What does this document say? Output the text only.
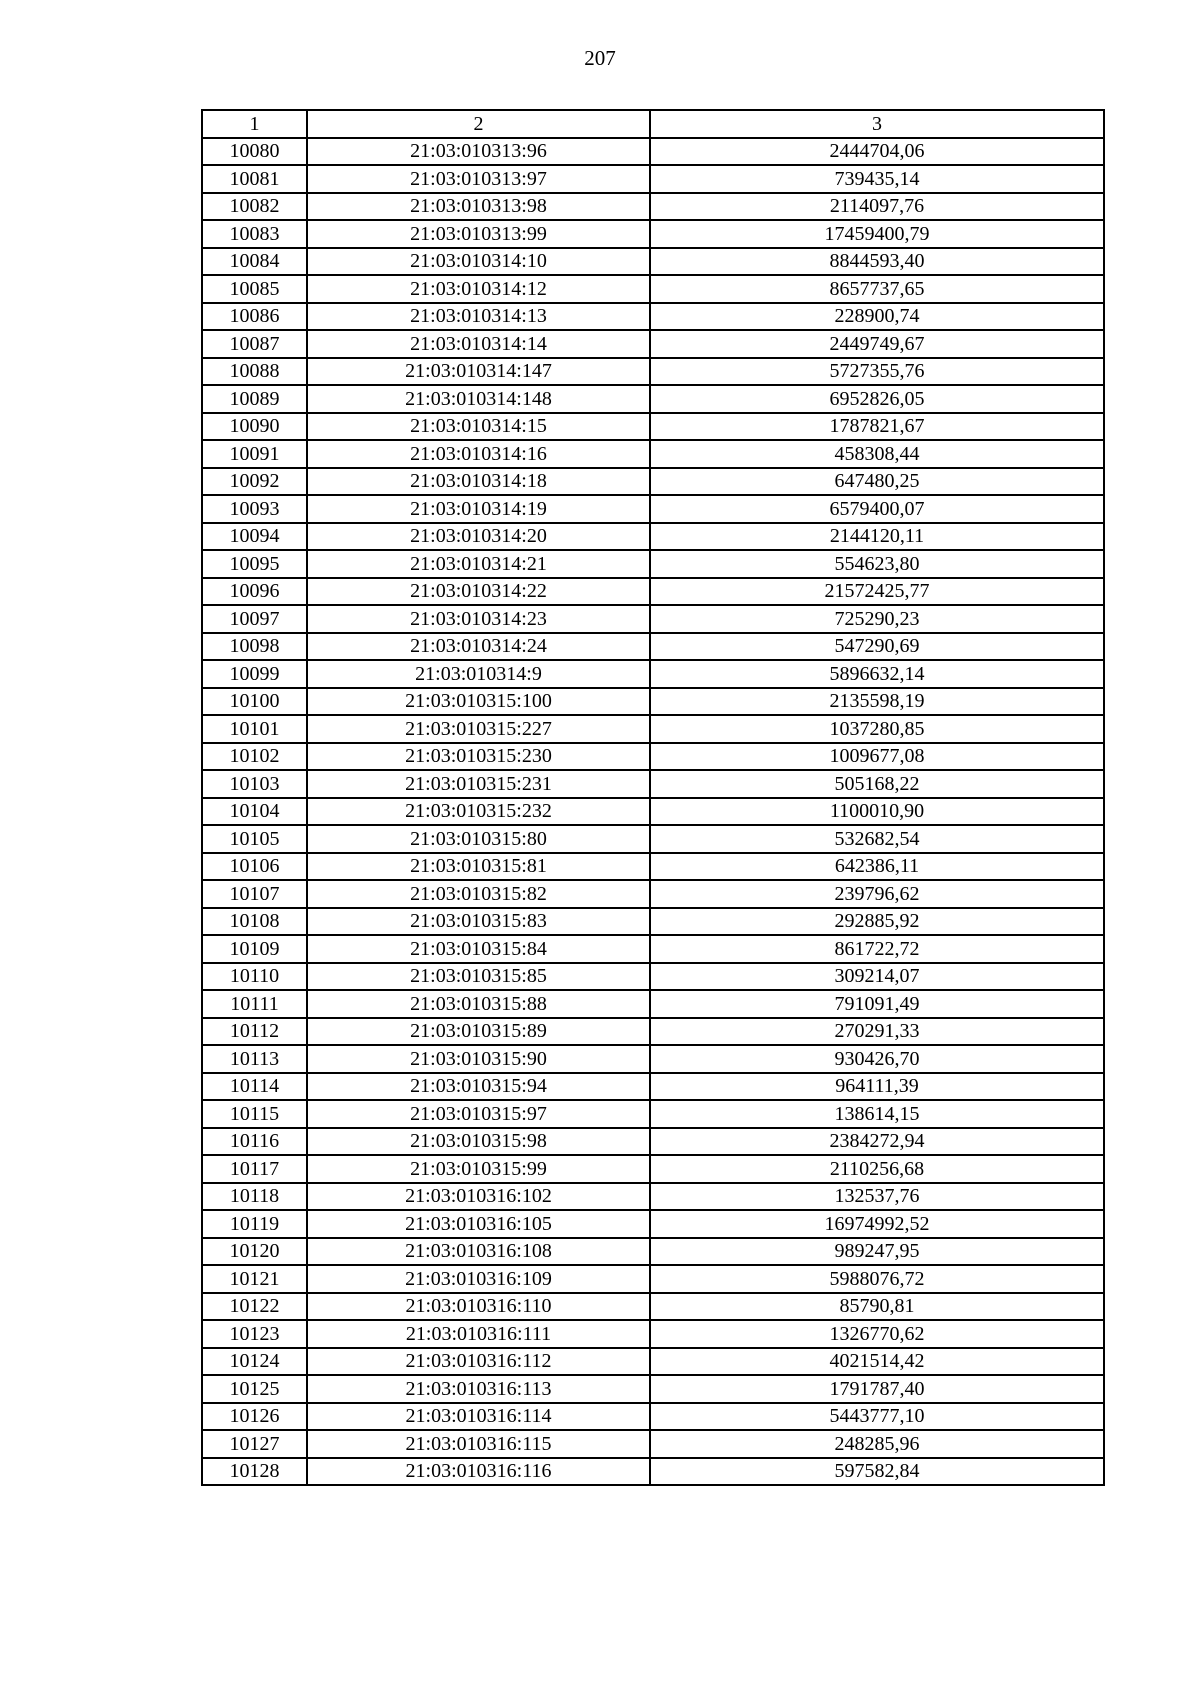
207
1	2	3
10080	21:03:010313:96	2444704,06
10081	21:03:010313:97	739435,14
10082	21:03:010313:98	2114097,76
10083	21:03:010313:99	17459400,79
10084	21:03:010314:10	8844593,40
10085	21:03:010314:12	8657737,65
10086	21:03:010314:13	228900,74
10087	21:03:010314:14	2449749,67
10088	21:03:010314:147	5727355,76
10089	21:03:010314:148	6952826,05
10090	21:03:010314:15	1787821,67
10091	21:03:010314:16	458308,44
10092	21:03:010314:18	647480,25
10093	21:03:010314:19	6579400,07
10094	21:03:010314:20	2144120,11
10095	21:03:010314:21	554623,80
10096	21:03:010314:22	21572425,77
10097	21:03:010314:23	725290,23
10098	21:03:010314:24	547290,69
10099	21:03:010314:9	5896632,14
10100	21:03:010315:100	2135598,19
10101	21:03:010315:227	1037280,85
10102	21:03:010315:230	1009677,08
10103	21:03:010315:231	505168,22
10104	21:03:010315:232	1100010,90
10105	21:03:010315:80	532682,54
10106	21:03:010315:81	642386,11
10107	21:03:010315:82	239796,62
10108	21:03:010315:83	292885,92
10109	21:03:010315:84	861722,72
10110	21:03:010315:85	309214,07
10111	21:03:010315:88	791091,49
10112	21:03:010315:89	270291,33
10113	21:03:010315:90	930426,70
10114	21:03:010315:94	964111,39
10115	21:03:010315:97	138614,15
10116	21:03:010315:98	2384272,94
10117	21:03:010315:99	2110256,68
10118	21:03:010316:102	132537,76
10119	21:03:010316:105	16974992,52
10120	21:03:010316:108	989247,95
10121	21:03:010316:109	5988076,72
10122	21:03:010316:110	85790,81
10123	21:03:010316:111	1326770,62
10124	21:03:010316:112	4021514,42
10125	21:03:010316:113	1791787,40
10126	21:03:010316:114	5443777,10
10127	21:03:010316:115	248285,96
10128	21:03:010316:116	597582,84
